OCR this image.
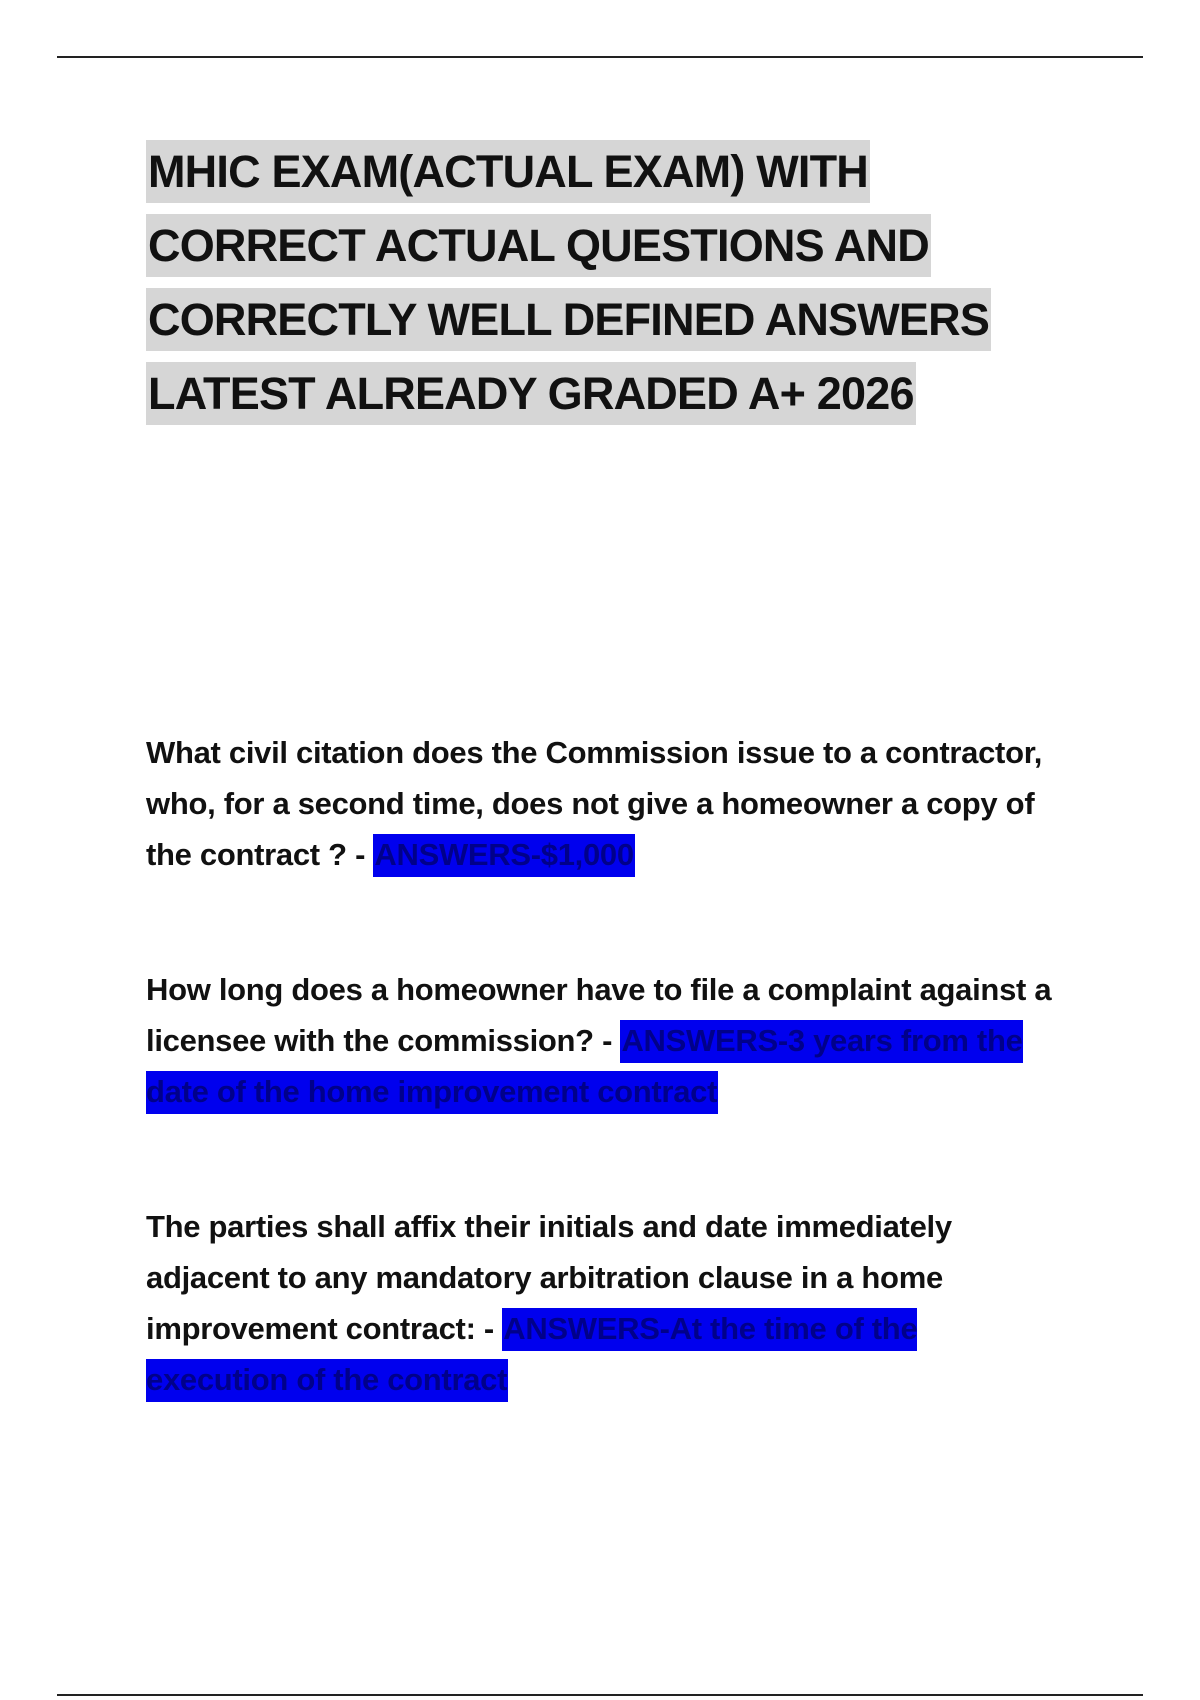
MHIC EXAM(ACTUAL EXAM) WITH
CORRECT ACTUAL QUESTIONS AND
CORRECTLY WELL DEFINED ANSWERS
LATEST ALREADY GRADED A+ 2026
What civil citation does the Commission issue to a contractor, who, for a second time, does not give a homeowner a copy of the contract ? - ANSWERS-$1,000
How long does a homeowner have to file a complaint against a licensee with the commission? - ANSWERS-3 years from the date of the home improvement contract
The parties shall affix their initials and date immediately adjacent to any mandatory arbitration clause in a home improvement contract: - ANSWERS-At the time of the execution of the contract
